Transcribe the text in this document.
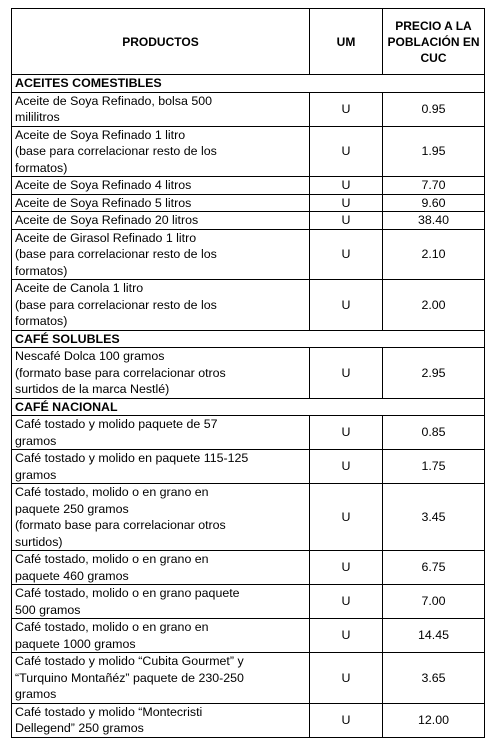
PRODUCTOS	UM	PRECIO A LA POBLACIÓN EN CUC
ACEITES COMESTIBLES		
Aceite de Soya Refinado, bolsa 500
mililitros	U	0.95
Aceite de Soya Refinado 1 litro
(base para correlacionar resto de los
formatos)	U	1.95
Aceite de Soya Refinado 4 litros	U	7.70
Aceite de Soya Refinado 5 litros	U	9.60
Aceite de Soya Refinado 20 litros	U	38.40
Aceite de Girasol Refinado 1 litro
(base para correlacionar resto de los
formatos)	U	2.10
Aceite de Canola 1 litro
(base para correlacionar resto de los
formatos)	U	2.00
CAFÉ SOLUBLES		
Nescafé Dolca 100 gramos
(formato base para correlacionar otros
surtidos de la marca Nestlé)	U	2.95
CAFÉ NACIONAL		
Café tostado y molido paquete de 57
gramos	U	0.85
Café tostado y molido en paquete 115-125
gramos	U	1.75
Café tostado, molido o en grano en
paquete 250 gramos
(formato base para correlacionar otros
surtidos)	U	3.45
Café tostado, molido o en grano en
paquete 460 gramos	U	6.75
Café tostado, molido o en grano paquete
500 gramos	U	7.00
Café tostado, molido o en grano en
paquete 1000 gramos	U	14.45
Café tostado y molido “Cubita Gourmet” y
“Turquino Montañéz” paquete de 230-250
gramos	U	3.65
Café tostado y molido “Montecristi
Dellegend” 250 gramos	U	12.00
